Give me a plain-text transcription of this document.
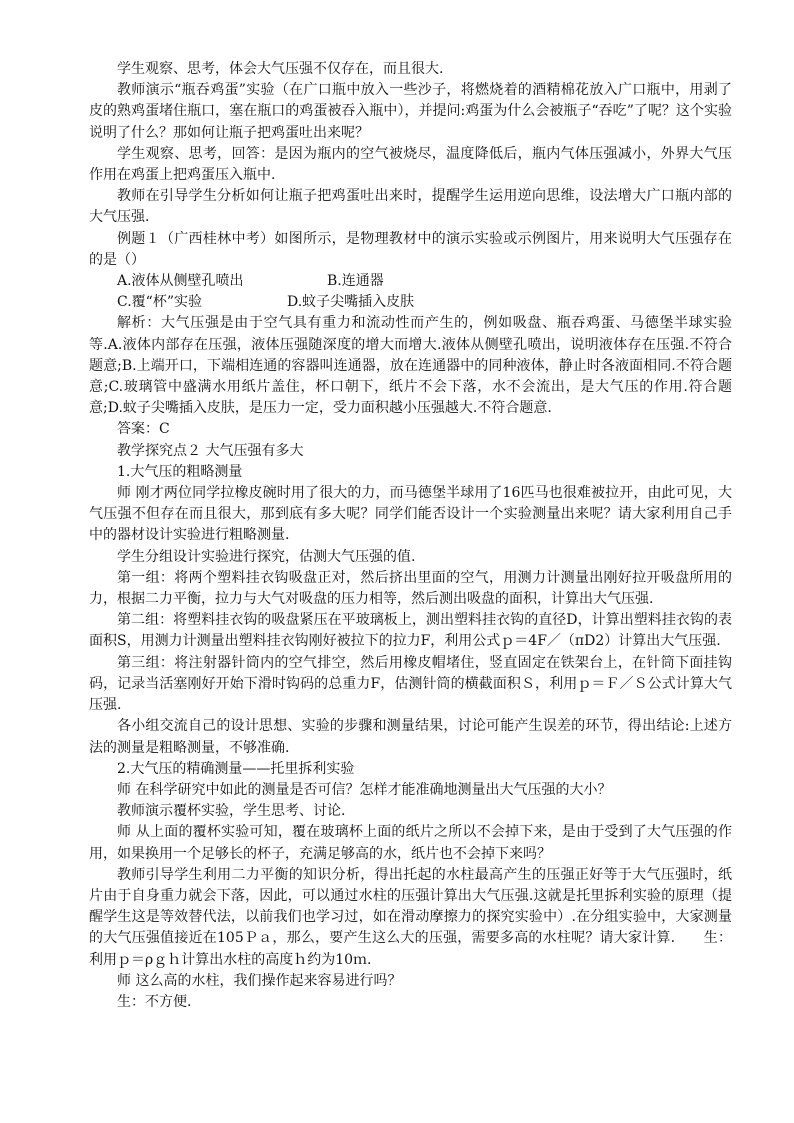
学生观察、思考，体会大气压强不仅存在，而且很大.

教师演示“瓶吞鸡蛋”实验（在广口瓶中放入一些沙子，将燃烧着的酒精棉花放入广口瓶中，用剥了皮的熟鸡蛋堵住瓶口，塞在瓶口的鸡蛋被吞入瓶中），并提问:鸡蛋为什么会被瓶子“吞吃”了呢？这个实验说明了什么？那如何让瓶子把鸡蛋吐出来呢？

学生观察、思考，回答：是因为瓶内的空气被烧尽，温度降低后，瓶内气体压强减小，外界大气压作用在鸡蛋上把鸡蛋压入瓶中.

教师在引导学生分析如何让瓶子把鸡蛋吐出来时，提醒学生运用逆向思维，设法增大广口瓶内部的大气压强.

例题１（广西桂林中考）如图所示，是物理教材中的演示实验或示例图片，用来说明大气压强存在的是（）

A.液体从侧壁孔喷出	B.连通器
C.覆“杯”实验	D.蚊子尖嘴插入皮肤

解析：大气压强是由于空气具有重力和流动性而产生的，例如吸盘、瓶吞鸡蛋、马德堡半球实验等.A.液体内部存在压强，液体压强随深度的增大而增大.液体从侧壁孔喷出，说明液体存在压强.不符合题意;B.上端开口，下端相连通的容器叫连通器，放在连通器中的同种液体，静止时各液面相同.不符合题意;C.玻璃管中盛满水用纸片盖住，杯口朝下，纸片不会下落，水不会流出，是大气压的作用.符合题意;D.蚊子尖嘴插入皮肤，是压力一定，受力面积越小压强越大.不符合题意.

答案：C

教学探究点２ 大气压强有多大

1.大气压的粗略测量

师 刚才两位同学拉橡皮碗时用了很大的力，而马德堡半球用了16匹马也很难被拉开，由此可见，大气压强不但存在而且很大，那到底有多大呢？同学们能否设计一个实验测量出来呢？请大家利用自己手中的器材设计实验进行粗略测量.

学生分组设计实验进行探究，估测大气压强的值.

第一组：将两个塑料挂衣钩吸盘正对，然后挤出里面的空气，用测力计测量出刚好拉开吸盘所用的力，根据二力平衡，拉力与大气对吸盘的压力相等，然后测出吸盘的面积，计算出大气压强.

第二组：将塑料挂衣钩的吸盘紧压在平玻璃板上，测出塑料挂衣钩的直径D，计算出塑料挂衣钩的表面积S，用测力计测量出塑料挂衣钩刚好被拉下的拉力F，利用公式ｐ＝4F／（πD2）计算出大气压强.

第三组：将注射器针筒内的空气排空，然后用橡皮帽堵住，竖直固定在铁架台上，在针筒下面挂钩码，记录当活塞刚好开始下滑时钩码的总重力F，估测针筒的横截面积Ｓ，利用ｐ＝Ｆ／Ｓ公式计算大气压强.

各小组交流自己的设计思想、实验的步骤和测量结果，讨论可能产生误差的环节，得出结论:上述方法的测量是粗略测量，不够准确.

2.大气压的精确测量——托里拆利实验

师 在科学研究中如此的测量是否可信？怎样才能准确地测量出大气压强的大小？

教师演示覆杯实验，学生思考、讨论.

师 从上面的覆杯实验可知，覆在玻璃杯上面的纸片之所以不会掉下来，是由于受到了大气压强的作用，如果换用一个足够长的杯子，充满足够高的水，纸片也不会掉下来吗？

教师引导学生利用二力平衡的知识分析，得出托起的水柱最高产生的压强正好等于大气压强时，纸片由于自身重力就会下落，因此，可以通过水柱的压强计算出大气压强.这就是托里拆利实验的原理（提醒学生这是等效替代法，以前我们也学习过，如在滑动摩擦力的探究实验中）.在分组实验中，大家测量的大气压强值接近在105Ｐａ，那么，要产生这么大的压强，需要多高的水柱呢？请大家计算.　　生：利用ｐ＝ρｇｈ计算出水柱的高度ｈ约为10ｍ.

师 这么高的水柱，我们操作起来容易进行吗？

生：不方便.
